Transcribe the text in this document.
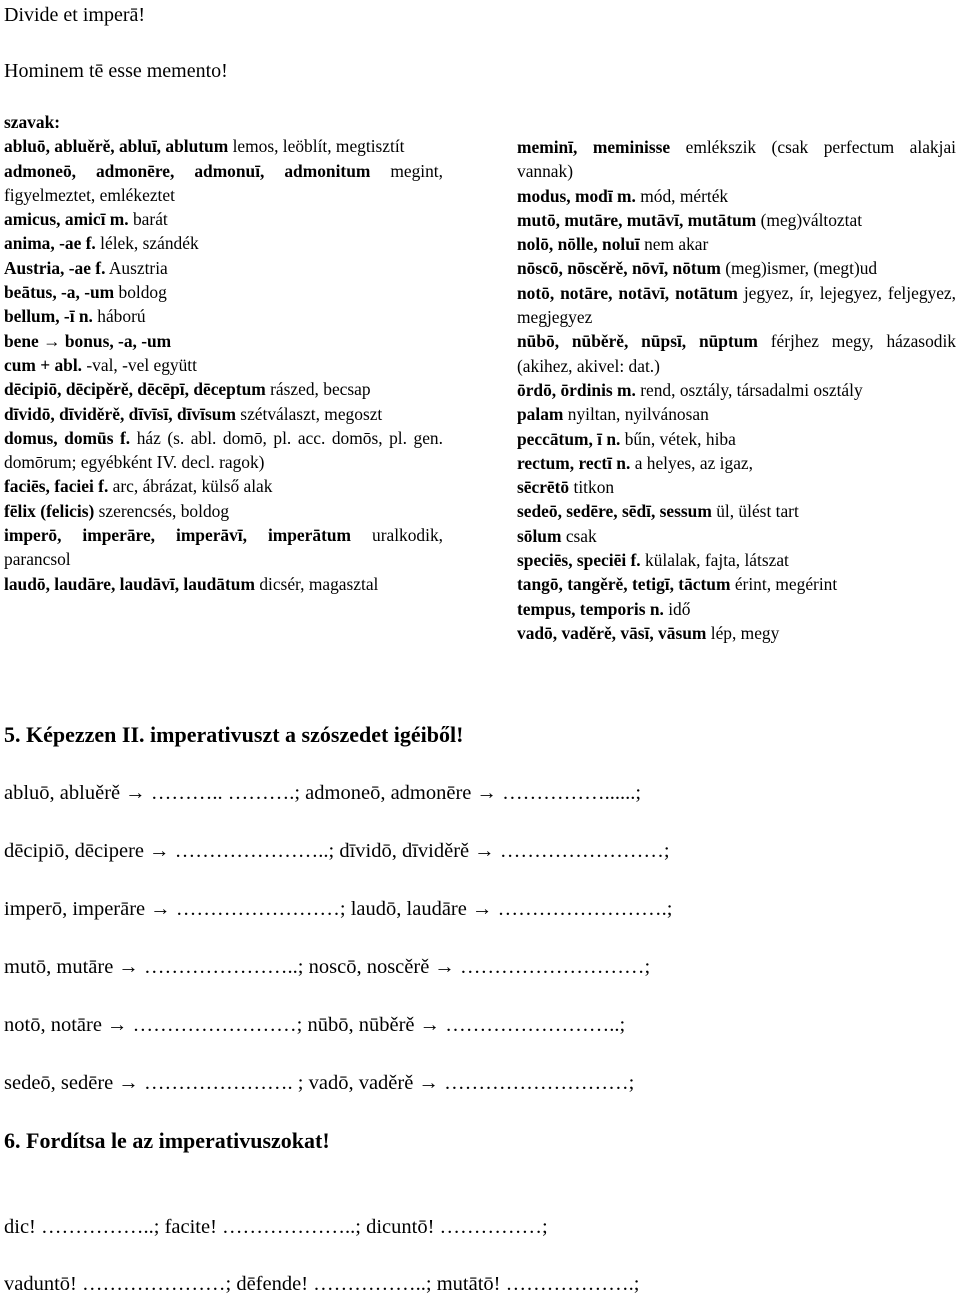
Divide et imperā!
Hominem tē esse memento!
szavak:
abluō, abluěrě, abluī, ablutum lemos, leöblít, megtisztít
admoneō, admonēre, admonuī, admonitum megint, figyelmeztet, emlékeztet
amicus, amicī m. barát
anima, -ae f. lélek, szándék
Austria, -ae f. Ausztria
beātus, -a, -um boldog
bellum, -ī n. háború
bene → bonus, -a, -um
cum + abl. -val, -vel együtt
dēcipiō, dēcipěrě, dēcēpī, dēceptum rászed, becsap
dīvidō, dīviděrě, dīvīsī, dīvīsum szétválaszt, megoszt
domus, domūs f. ház (s. abl. domō, pl. acc. domōs, pl. gen. domōrum; egyébként IV. decl. ragok)
faciēs, faciei f. arc, ábrázat, külső alak
fēlix (felicis) szerencsés, boldog
imperō, imperāre, imperāvī, imperātum uralkodik, parancsol
laudō, laudāre, laudāvī, laudātum dicsér, magasztal
meminī, meminisse emlékszik (csak perfectum alakjai vannak)
modus, modī m. mód, mérték
mutō, mutāre, mutāvī, mutātum (meg)változtat
nolō, nōlle, noluī nem akar
nōscō, nōscěrě, nōvī, nōtum (meg)ismer, (megt)ud
notō, notāre, notāvī, notātum jegyez, ír, lejegyez, feljegyez, megjegyez
nūbō, nūběrě, nūpsī, nūptum férjhez megy, házasodik (akihez, akivel: dat.)
ōrdō, ōrdinis m. rend, osztály, társadalmi osztály
palam nyiltan, nyilvánosan
peccātum, ī n. bűn, vétek, hiba
rectum, rectī n. a helyes, az igaz,
sēcrētō titkon
sedeō, sedēre, sēdī, sessum ül, ülést tart
sōlum csak
speciēs, speciēi f. külalak, fajta, látszat
tangō, tangěrě, tetigī, tāctum érint, megérint
tempus, temporis n. idő
vadō, vaděrě, vāsī, vāsum lép, megy
5. Képezzen II. imperativuszt a szószedet igéiből!
abluō, abluěrě → ……….. ……….; admoneō, admonēre → ……………......;
dēcipiō, dēcipere → …………………..; dīvidō, dīviděrě → ……………………;
imperō, imperāre → ……………………; laudō, laudāre → …………………….;
mutō, mutāre → …………………..; noscō, noscěrě → ………………………;
notō, notāre → ……………………; nūbō, nūběrě → ……………………..;
sedeō, sedēre → …………………. ; vadō, vaděrě → ………………………;
6. Fordítsa le az imperativuszokat!
dic! ……………..; facite! ………………..; dicuntō! ……………;
vaduntō! …………………; dēfende! ……………..; mutātō! ……………….;
